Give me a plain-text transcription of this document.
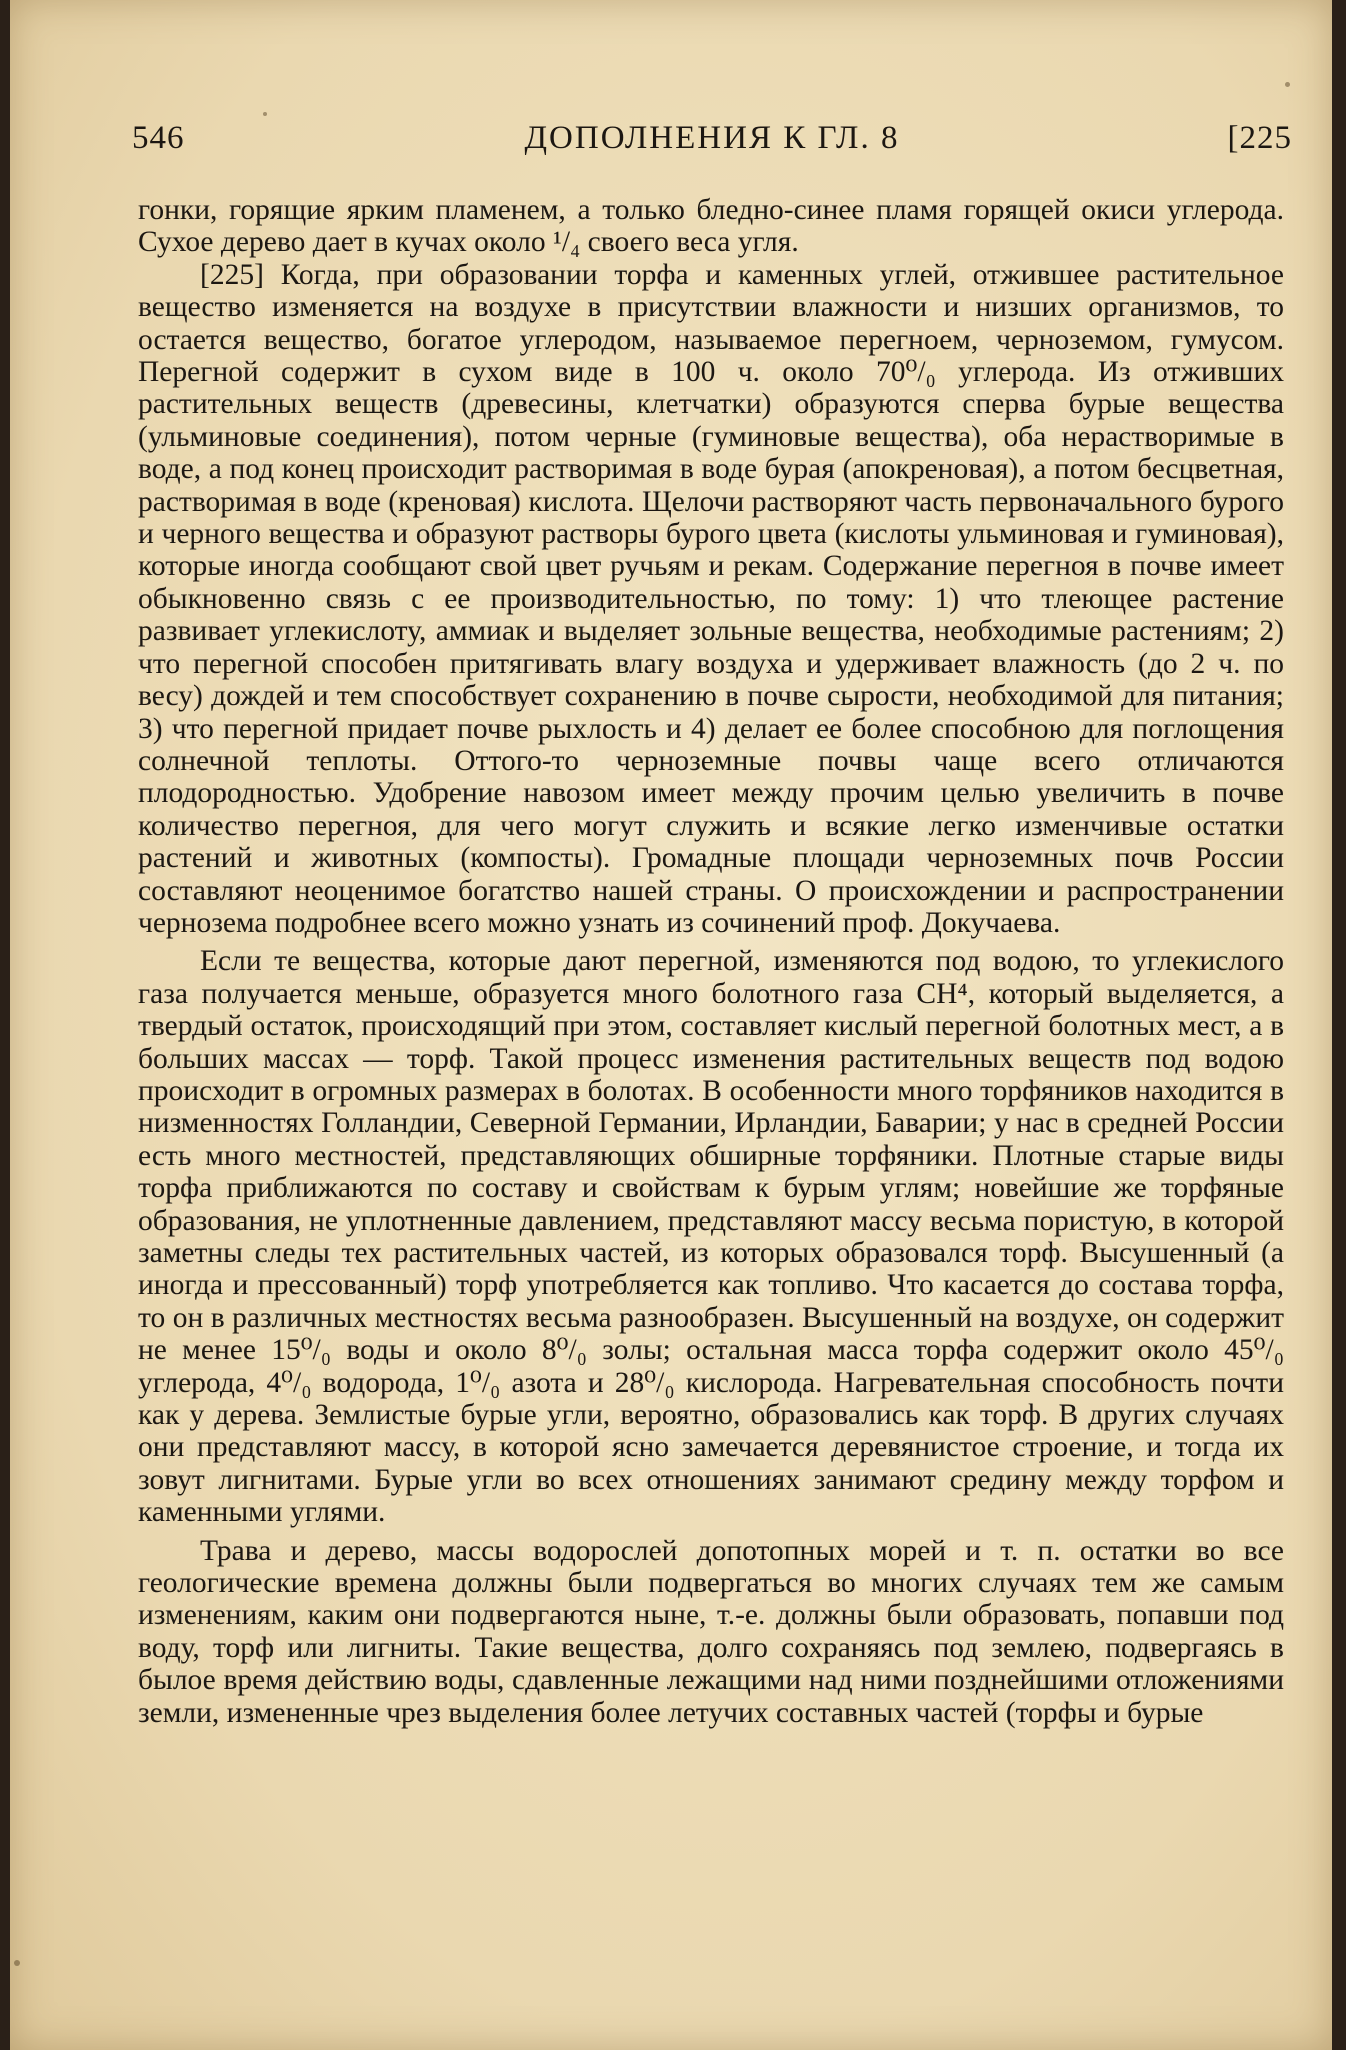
546	ДОПОЛНЕНИЯ К ГЛ. 8	[225

гонки, горящие ярким пламенем, а только бледно-синее пламя горящей окиси углерода. Сухое дерево дает в кучах около ¹/₄ своего веса угля.

[225] Когда, при образовании торфа и каменных углей, отжившее растительное вещество изменяется на воздухе в присутствии влажности и низших организмов, то остается вещество, богатое углеродом, называемое перегноем, черноземом, гумусом. Перегной содержит в сухом виде в 100 ч. около 70⁰/₀ углерода. Из отживших растительных веществ (древесины, клетчатки) образуются сперва бурые вещества (ульминовые соединения), потом черные (гуминовые вещества), оба нерастворимые в воде, а под конец происходит растворимая в воде бурая (апокреновая), а потом бесцветная, растворимая в воде (креновая) кислота. Щелочи растворяют часть первоначального бурого и черного вещества и образуют растворы бурого цвета (кислоты ульминовая и гуминовая), которые иногда сообщают свой цвет ручьям и рекам. Содержание перегноя в почве имеет обыкновенно связь с ее производительностью, по тому: 1) что тлеющее растение развивает углекислоту, аммиак и выделяет зольные вещества, необходимые растениям; 2) что перегной способен притягивать влагу воздуха и удерживает влажность (до 2 ч. по весу) дождей и тем способствует сохранению в почве сырости, необходимой для питания; 3) что перегной придает почве рыхлость и 4) делает ее более способною для поглощения солнечной теплоты. Оттого-то черноземные почвы чаще всего отличаются плодородностью. Удобрение навозом имеет между прочим целью увеличить в почве количество перегноя, для чего могут служить и всякие легко изменчивые остатки растений и животных (компосты). Громадные площади черноземных почв России составляют неоценимое богатство нашей страны. О происхождении и распространении чернозема подробнее всего можно узнать из сочинений проф. Докучаева.

Если те вещества, которые дают перегной, изменяются под водою, то углекислого газа получается меньше, образуется много болотного газа CH⁴, который выделяется, а твердый остаток, происходящий при этом, составляет кислый перегной болотных мест, а в больших массах — торф. Такой процесс изменения растительных веществ под водою происходит в огромных размерах в болотах. В особенности много торфяников находится в низменностях Голландии, Северной Германии, Ирландии, Баварии; у нас в средней России есть много местностей, представляющих обширные торфяники. Плотные старые виды торфа приближаются по составу и свойствам к бурым углям; новейшие же торфяные образования, не уплотненные давлением, представляют массу весьма пористую, в которой заметны следы тех растительных частей, из которых образовался торф. Высушенный (а иногда и прессованный) торф употребляется как топливо. Что касается до состава торфа, то он в различных местностях весьма разнообразен. Высушенный на воздухе, он содержит не менее 15⁰/₀ воды и около 8⁰/₀ золы; остальная масса торфа содержит около 45⁰/₀ углерода, 4⁰/₀ водорода, 1⁰/₀ азота и 28⁰/₀ кислорода. Нагревательная способность почти как у дерева. Землистые бурые угли, вероятно, образовались как торф. В других случаях они представляют массу, в которой ясно замечается деревянистое строение, и тогда их зовут лигнитами. Бурые угли во всех отношениях занимают средину между торфом и каменными углями.

Трава и дерево, массы водорослей допотопных морей и т. п. остатки во все геологические времена должны были подвергаться во многих случаях тем же самым изменениям, каким они подвергаются ныне, т.-е. должны были образовать, попавши под воду, торф или лигниты. Такие вещества, долго сохраняясь под землею, подвергаясь в былое время действию воды, сдавленные лежащими над ними позднейшими отложениями земли, измененные чрез выделения более летучих составных частей (торфы и бурые
